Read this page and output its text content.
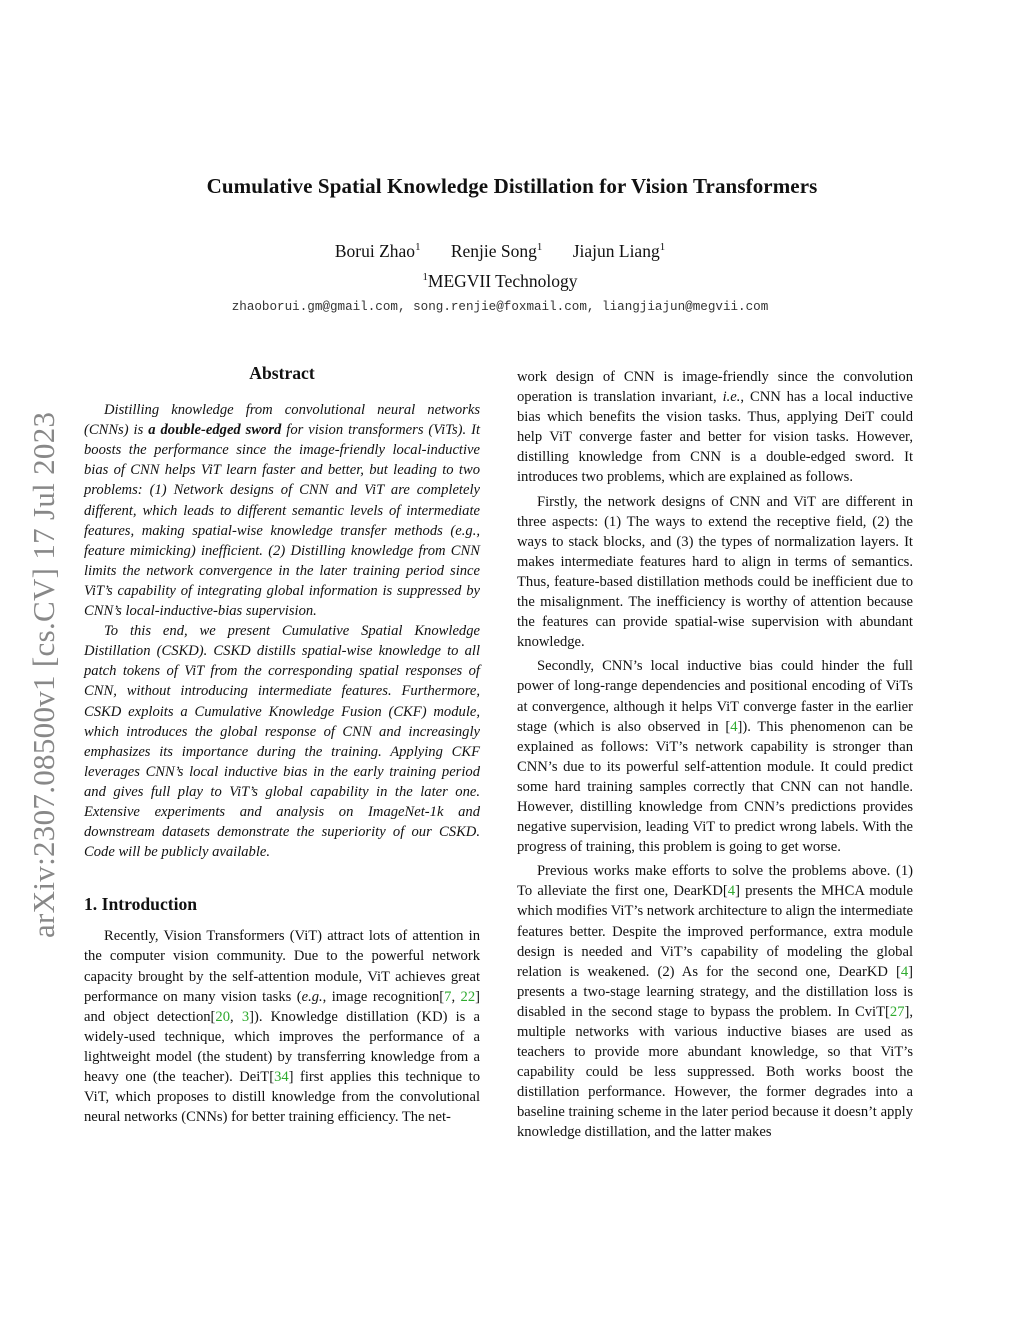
arXiv:2307.08500v1 [cs.CV] 17 Jul 2023
Cumulative Spatial Knowledge Distillation for Vision Transformers
Borui Zhao$^1$ Renjie Song$^1$ Jiajun Liang$^1$
$^1$MEGVII Technology
zhaoborui.gm@gmail.com, song.renjie@foxmail.com, liangjiajun@megvii.com
Abstract

Distilling knowledge from convolutional neural networks (CNNs) is a double-edged sword for vision transformers (ViTs). It boosts the performance since the image-friendly local-inductive bias of CNN helps ViT learn faster and better, but leading to two problems: (1) Network designs of CNN and ViT are completely different, which leads to different semantic levels of intermediate features, making spatial-wise knowledge transfer methods (e.g., feature mimicking) inefficient. (2) Distilling knowledge from CNN limits the network convergence in the later training period since ViT’s capability of integrating global information is suppressed by CNN’s local-inductive-bias supervision.

To this end, we present Cumulative Spatial Knowledge Distillation (CSKD). CSKD distills spatial-wise knowledge to all patch tokens of ViT from the corresponding spatial responses of CNN, without introducing intermediate features. Furthermore, CSKD exploits a Cumulative Knowledge Fusion (CKF) module, which introduces the global response of CNN and increasingly emphasizes its importance during the training. Applying CKF leverages CNN’s local inductive bias in the early training period and gives full play to ViT’s global capability in the later one. Extensive experiments and analysis on ImageNet-1k and downstream datasets demonstrate the superiority of our CSKD. Code will be publicly available.

1. Introduction

Recently, Vision Transformers (ViT) attract lots of attention in the computer vision community. Due to the powerful network capacity brought by the self-attention module, ViT achieves great performance on many vision tasks (e.g., image recognition[7, 22] and object detection[20, 3]). Knowledge distillation (KD) is a widely-used technique, which improves the performance of a lightweight model (the student) by transferring knowledge from a heavy one (the teacher). DeiT[34] first applies this technique to ViT, which proposes to distill knowledge from the convolutional neural networks (CNNs) for better training efficiency. The net-

work design of CNN is image-friendly since the convolution operation is translation invariant, i.e., CNN has a local inductive bias which benefits the vision tasks. Thus, applying DeiT could help ViT converge faster and better for vision tasks. However, distilling knowledge from CNN is a double-edged sword. It introduces two problems, which are explained as follows.

Firstly, the network designs of CNN and ViT are different in three aspects: (1) The ways to extend the receptive field, (2) the ways to stack blocks, and (3) the types of normalization layers. It makes intermediate features hard to align in terms of semantics. Thus, feature-based distillation methods could be inefficient due to the misalignment. The inefficiency is worthy of attention because the features can provide spatial-wise supervision with abundant knowledge.

Secondly, CNN’s local inductive bias could hinder the full power of long-range dependencies and positional encoding of ViTs at convergence, although it helps ViT converge faster in the earlier stage (which is also observed in [4]). This phenomenon can be explained as follows: ViT’s network capability is stronger than CNN’s due to its powerful self-attention module. It could predict some hard training samples correctly that CNN can not handle. However, distilling knowledge from CNN’s predictions provides negative supervision, leading ViT to predict wrong labels. With the progress of training, this problem is going to get worse.

Previous works make efforts to solve the problems above. (1) To alleviate the first one, DearKD[4] presents the MHCA module which modifies ViT’s network architecture to align the intermediate features better. Despite the improved performance, extra module design is needed and ViT’s capability of modeling the global relation is weakened. (2) As for the second one, DearKD [4] presents a two-stage learning strategy, and the distillation loss is disabled in the second stage to bypass the problem. In CviT[27], multiple networks with various inductive biases are used as teachers to provide more abundant knowledge, so that ViT’s capability could be less suppressed. Both works boost the distillation performance. However, the former degrades into a baseline training scheme in the later period because it doesn’t apply knowledge distillation, and the latter makes
